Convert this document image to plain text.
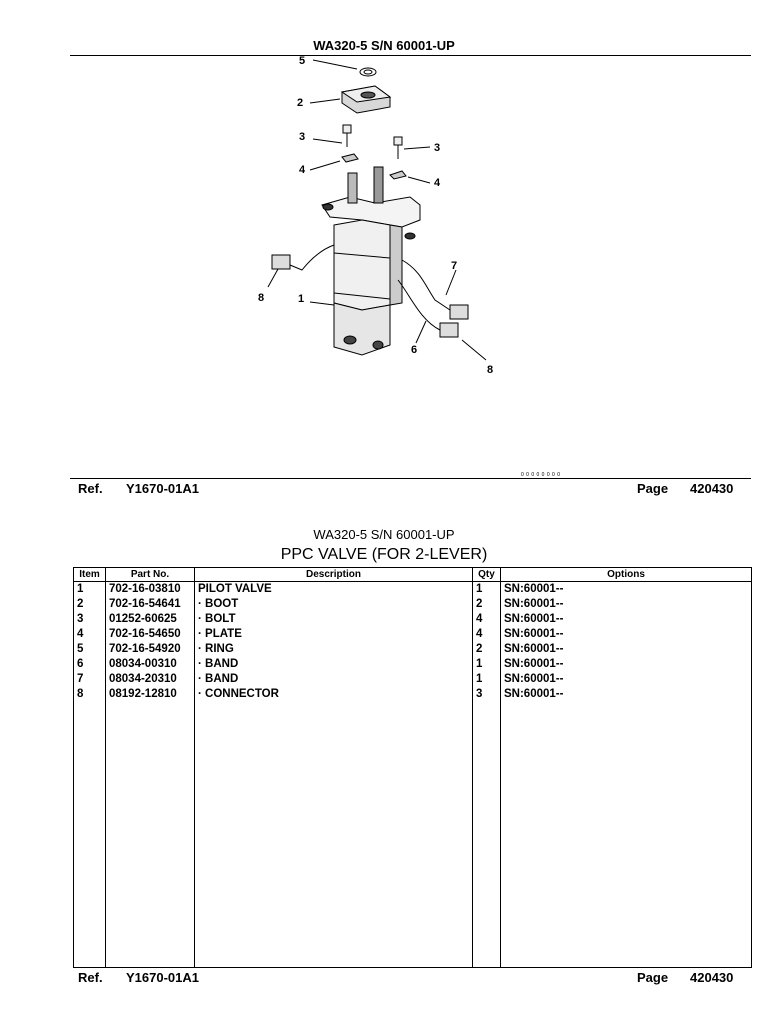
WA320-5 S/N 60001-UP
5
2
3
3
4
4
7
8	1
6
8
0 0 0 0 0 0 0 0
Ref. Y1670-01A1	Page 420430
WA320-5 S/N 60001-UP
PPC VALVE (FOR 2-LEVER)
Item	Part No.	Description	Qty	Options
1	702-16-03810	PILOT VALVE	1	SN:60001--
2	702-16-54641	· BOOT	2	SN:60001--
3	01252-60625	· BOLT	4	SN:60001--
4	702-16-54650	· PLATE	4	SN:60001--
5	702-16-54920	· RING	2	SN:60001--
6	08034-00310	· BAND	1	SN:60001--
7	08034-20310	· BAND	1	SN:60001--
8	08192-12810	· CONNECTOR	3	SN:60001--

Ref. Y1670-01A1	Page 420430
